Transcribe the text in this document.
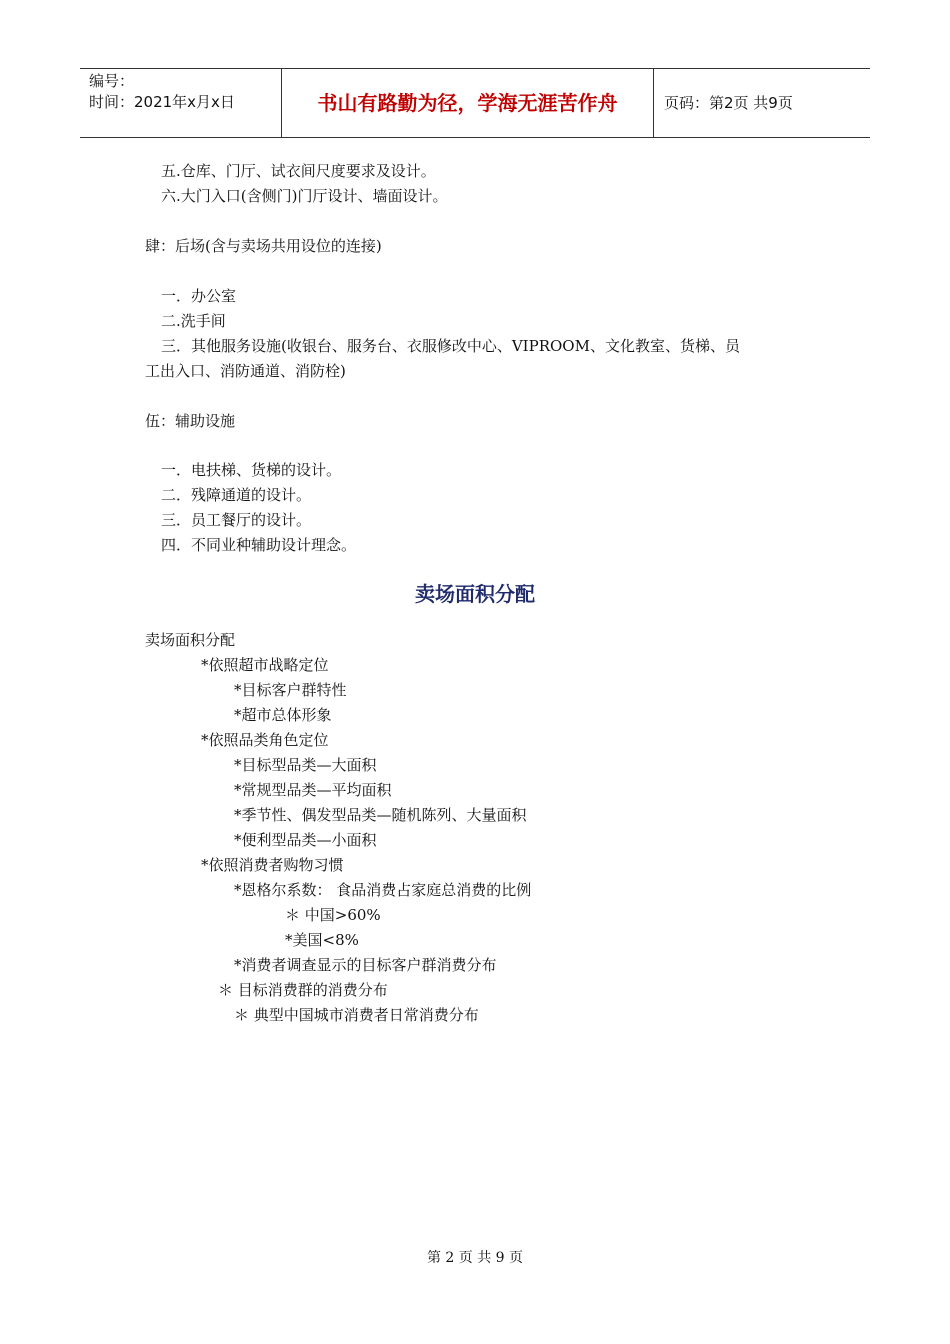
编号：
时间：2021年x月x日	书山有路勤为径，学海无涯苦作舟	页码：第2页 共9页
五.仓库、门厅、试衣间尺度要求及设计。
六.大门入口(含侧门)门厅设计、墙面设计。
肆：后场(含与卖场共用设位的连接)
一．办公室
二.洗手间
三．其他服务设施(收银台、服务台、衣服修改中心、VIPROOM、文化教室、货梯、员
工出入口、消防通道、消防栓)
伍：辅助设施
一．电扶梯、货梯的设计。
二．残障通道的设计。
三．员工餐厅的设计。
四．不同业种辅助设计理念。
卖场面积分配
卖场面积分配
*依照超市战略定位
*目标客户群特性
*超市总体形象
*依照品类角色定位
*目标型品类—大面积
*常规型品类—平均面积
*季节性、偶发型品类—随机陈列、大量面积
*便利型品类—小面积
*依照消费者购物习惯
*恩格尔系数： 食品消费占家庭总消费的比例
＊ 中国>60%
*美国<8%
*消费者调查显示的目标客户群消费分布
＊ 目标消费群的消费分布
＊ 典型中国城市消费者日常消费分布
第 2 页 共 9 页
